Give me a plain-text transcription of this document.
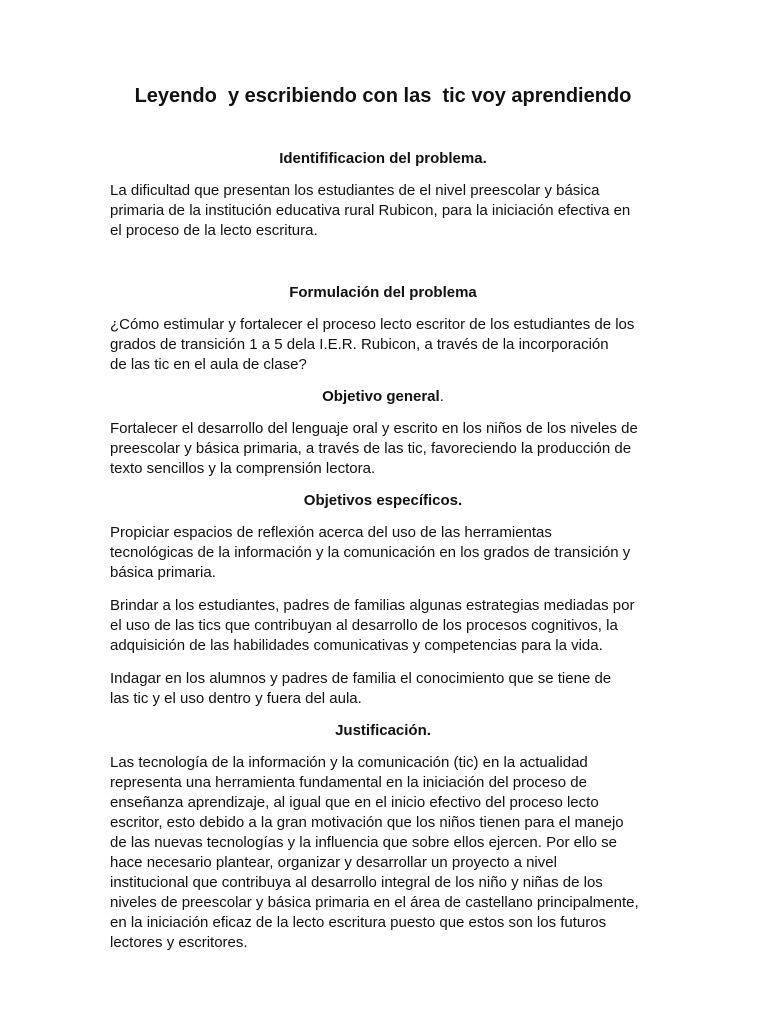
Leyendo  y escribiendo con las  tic voy aprendiendo
Identifificacion del problema.

La dificultad que presentan los estudiantes de el nivel preescolar y básica
primaria de la institución educativa rural Rubicon, para la iniciación efectiva en
el proceso de la lecto escritura.

Formulación del problema

¿Cómo estimular y fortalecer el proceso lecto escritor de los estudiantes de los
grados de transición 1 a 5 dela I.E.R. Rubicon, a través de la incorporación
de las tic en el aula de clase?

Objetivo general.

Fortalecer el desarrollo del lenguaje oral y escrito en los niños de los niveles de
preescolar y básica primaria, a través de las tic, favoreciendo la producción de
texto sencillos y la comprensión lectora.

Objetivos específicos.

Propiciar espacios de reflexión acerca del uso de las herramientas
tecnológicas de la información y la comunicación en los grados de transición y
básica primaria.

Brindar a los estudiantes, padres de familias algunas estrategias mediadas por
el uso de las tics que contribuyan al desarrollo de los procesos cognitivos, la
adquisición de las habilidades comunicativas y competencias para la vida.

Indagar en los alumnos y padres de familia el conocimiento que se tiene de
las tic y el uso dentro y fuera del aula.

Justificación.

Las tecnología de la información y la comunicación (tic) en la actualidad
representa una herramienta fundamental en la iniciación del proceso de
enseñanza aprendizaje, al igual que en el inicio efectivo del proceso lecto
escritor, esto debido a la gran motivación que los niños tienen para el manejo
de las nuevas tecnologías y la influencia que sobre ellos ejercen. Por ello se
hace necesario plantear, organizar y desarrollar un proyecto a nivel
institucional que contribuya al desarrollo integral de los niño y niñas de los
niveles de preescolar y básica primaria en el área de castellano principalmente,
en la iniciación eficaz de la lecto escritura puesto que estos son los futuros
lectores y escritores.
